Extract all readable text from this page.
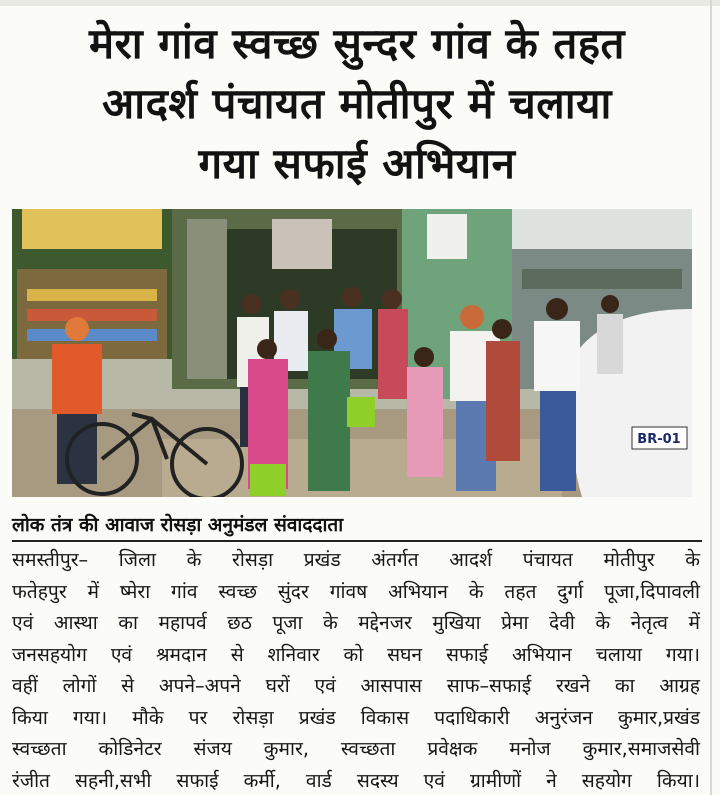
मेरा गांव स्वच्छ सुन्दर गांव के तहत
आदर्श पंचायत मोतीपुर में चलाया
गया सफाई अभियान
BR-01
लोक तंत्र की आवाज रोसड़ा अनुमंडल संवाददाता
समस्तीपुर– जिला के रोसड़ा प्रखंड अंतर्गत आदर्श पंचायत मोतीपुर के
फतेहपुर में ष्मेरा गांव स्वच्छ सुंदर गांवष अभियान के तहत दुर्गा पूजा,दिपावली
एवं आस्था का महापर्व छठ पूजा के मद्देनजर मुखिया प्रेमा देवी के नेतृत्व में
जनसहयोग एवं श्रमदान से शनिवार को सघन सफाई अभियान चलाया गया।
वहीं लोगों से अपने–अपने घरों एवं आसपास साफ–सफाई रखने का आग्रह
किया गया। मौके पर रोसड़ा प्रखंड विकास पदाधिकारी अनुरंजन कुमार,प्रखंड
स्वच्छता कोडिनेटर संजय कुमार, स्वच्छता प्रवेक्षक मनोज कुमार,समाजसेवी
रंजीत सहनी,सभी सफाई कर्मी, वार्ड सदस्य एवं ग्रामीणों ने सहयोग किया।
